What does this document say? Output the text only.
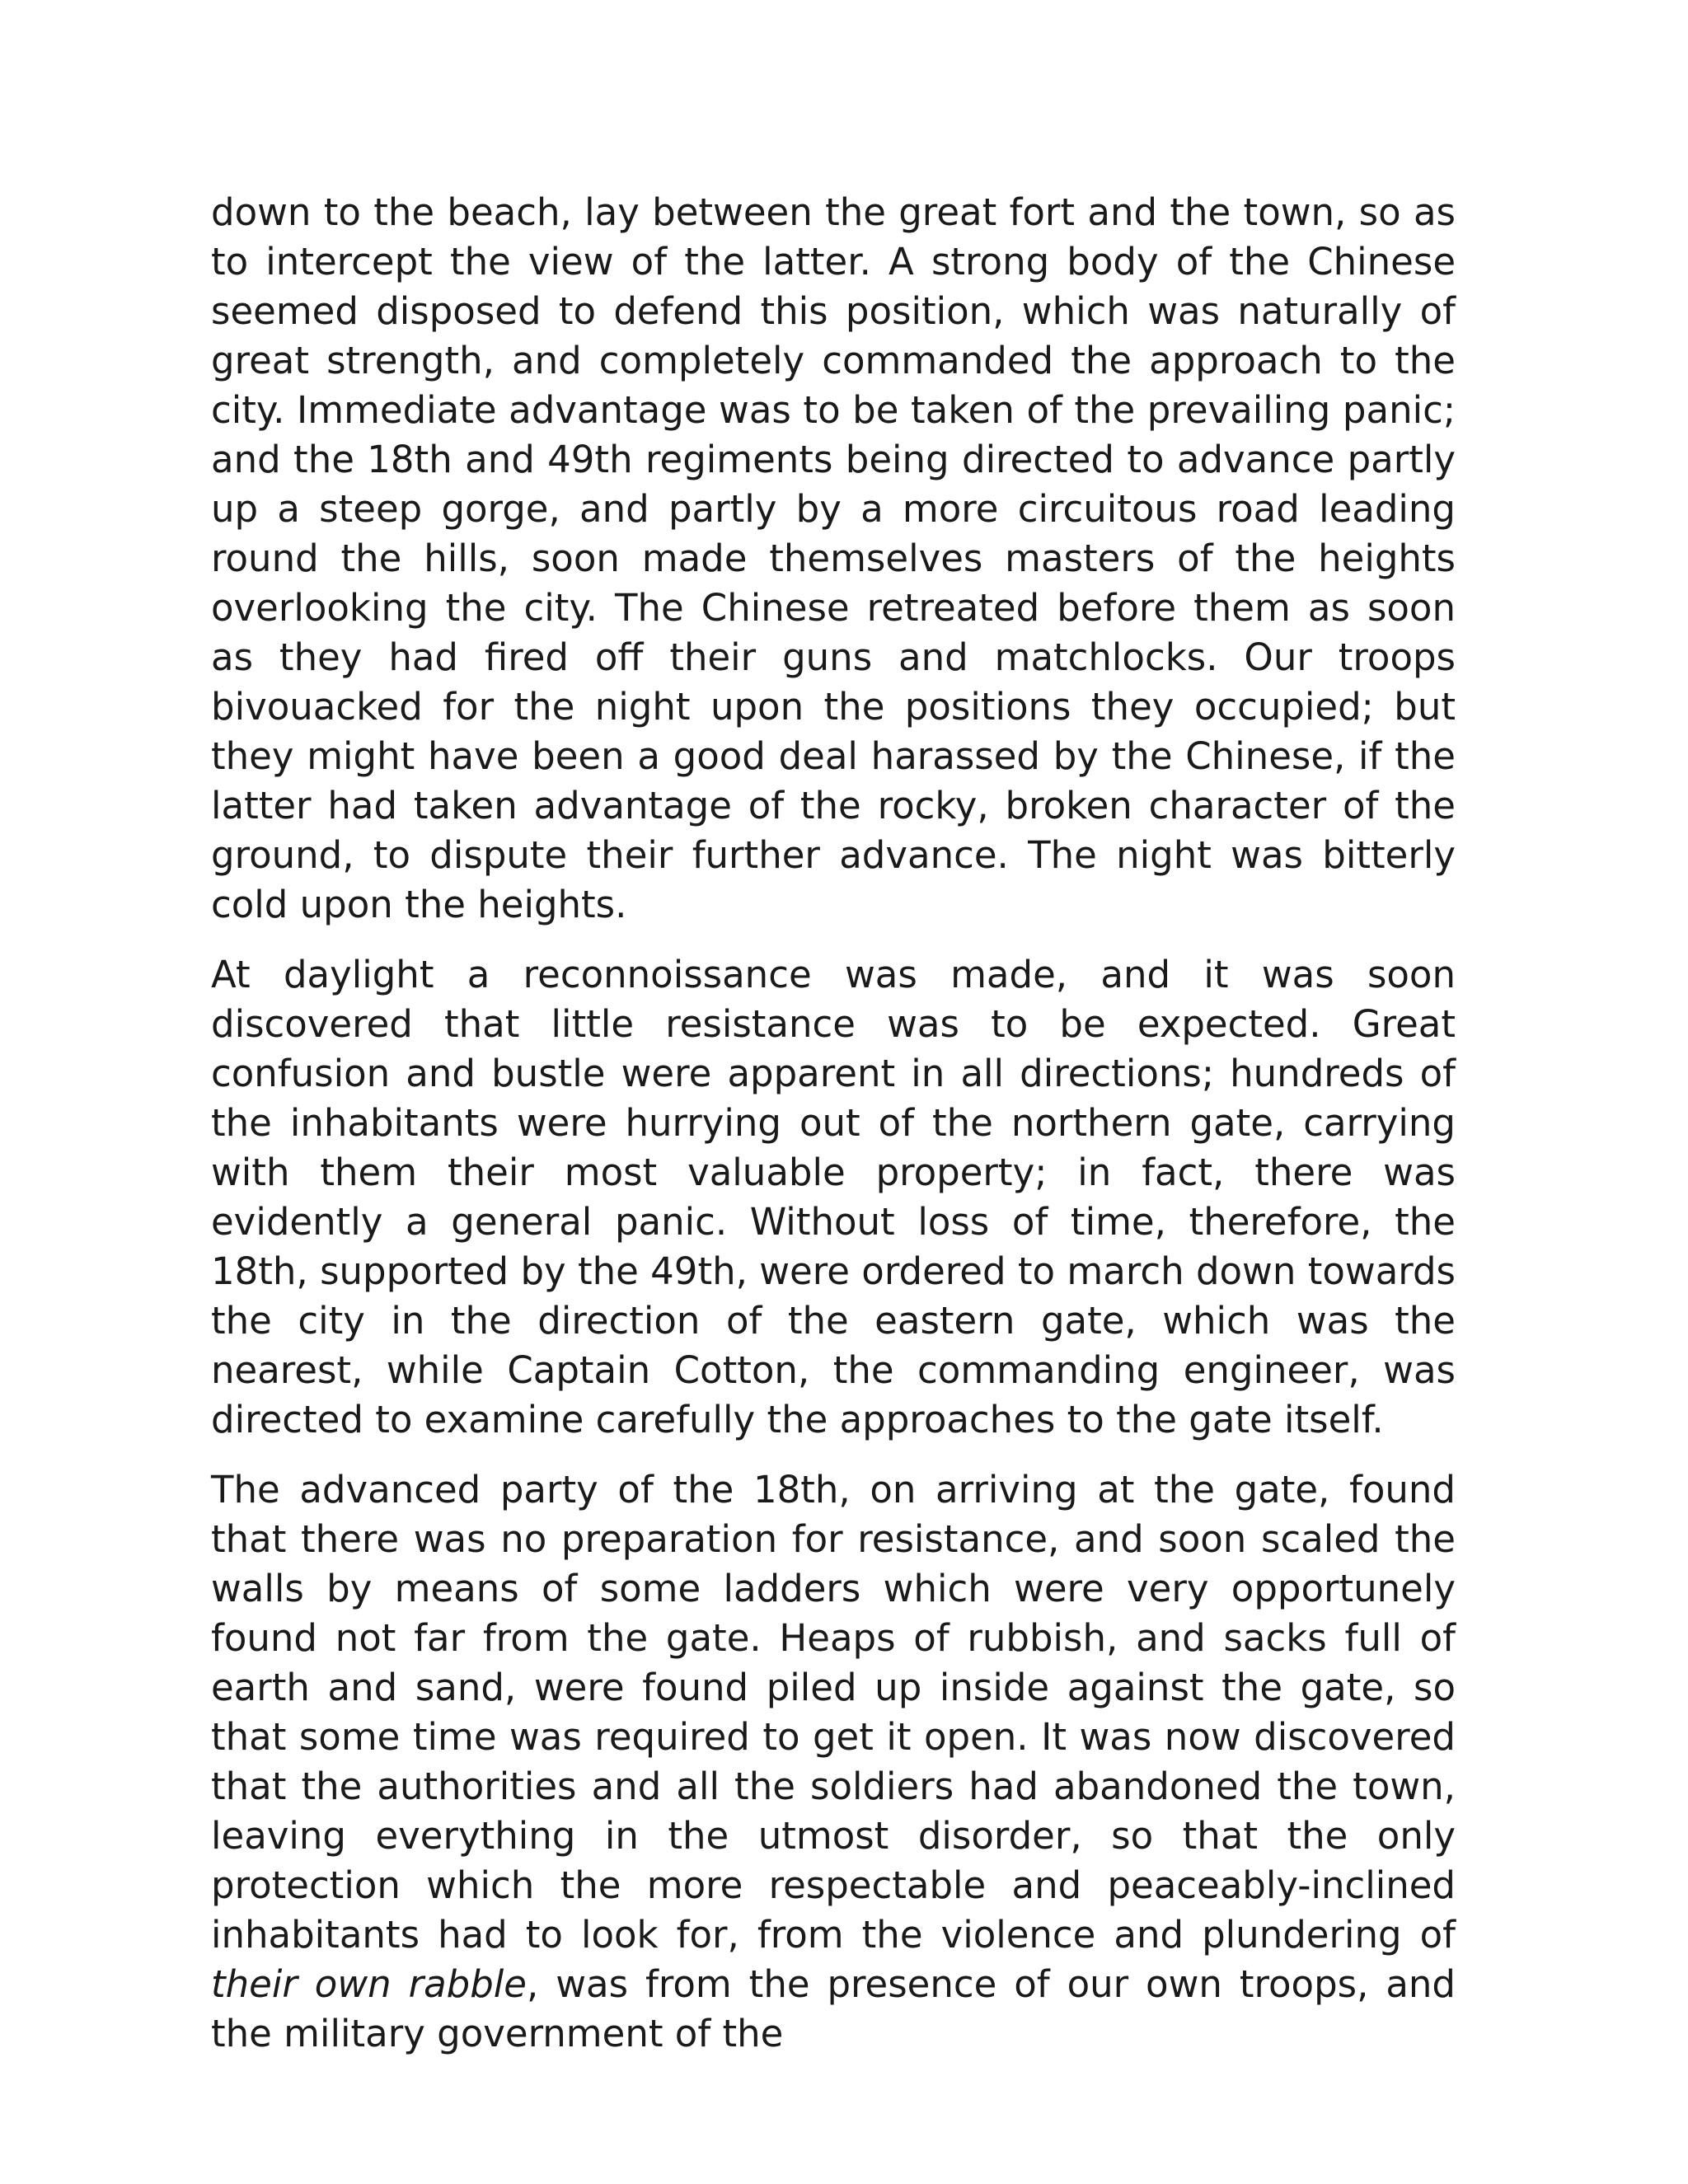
down to the beach, lay between the great fort and the town, so as to intercept the view of the latter. A strong body of the Chinese seemed disposed to defend this position, which was naturally of great strength, and completely commanded the approach to the city. Immediate advantage was to be taken of the prevailing panic; and the 18th and 49th regiments being directed to advance partly up a steep gorge, and partly by a more circuitous road leading round the hills, soon made themselves masters of the heights overlooking the city. The Chinese retreated before them as soon as they had fired off their guns and matchlocks. Our troops bivouacked for the night upon the positions they occupied; but they might have been a good deal harassed by the Chinese, if the latter had taken advantage of the rocky, broken character of the ground, to dispute their further advance. The night was bitterly cold upon the heights.

At daylight a reconnoissance was made, and it was soon discovered that little resistance was to be expected. Great confusion and bustle were apparent in all directions; hundreds of the inhabitants were hurrying out of the northern gate, carrying with them their most valuable property; in fact, there was evidently a general panic. Without loss of time, therefore, the 18th, supported by the 49th, were ordered to march down towards the city in the direction of the eastern gate, which was the nearest, while Captain Cotton, the commanding engineer, was directed to examine carefully the approaches to the gate itself.

The advanced party of the 18th, on arriving at the gate, found that there was no preparation for resistance, and soon scaled the walls by means of some ladders which were very opportunely found not far from the gate. Heaps of rubbish, and sacks full of earth and sand, were found piled up inside against the gate, so that some time was required to get it open. It was now discovered that the authorities and all the soldiers had abandoned the town, leaving everything in the utmost disorder, so that the only protection which the more respectable and peaceably-inclined inhabitants had to look for, from the violence and plundering of their own rabble, was from the presence of our own troops, and the military government of the
